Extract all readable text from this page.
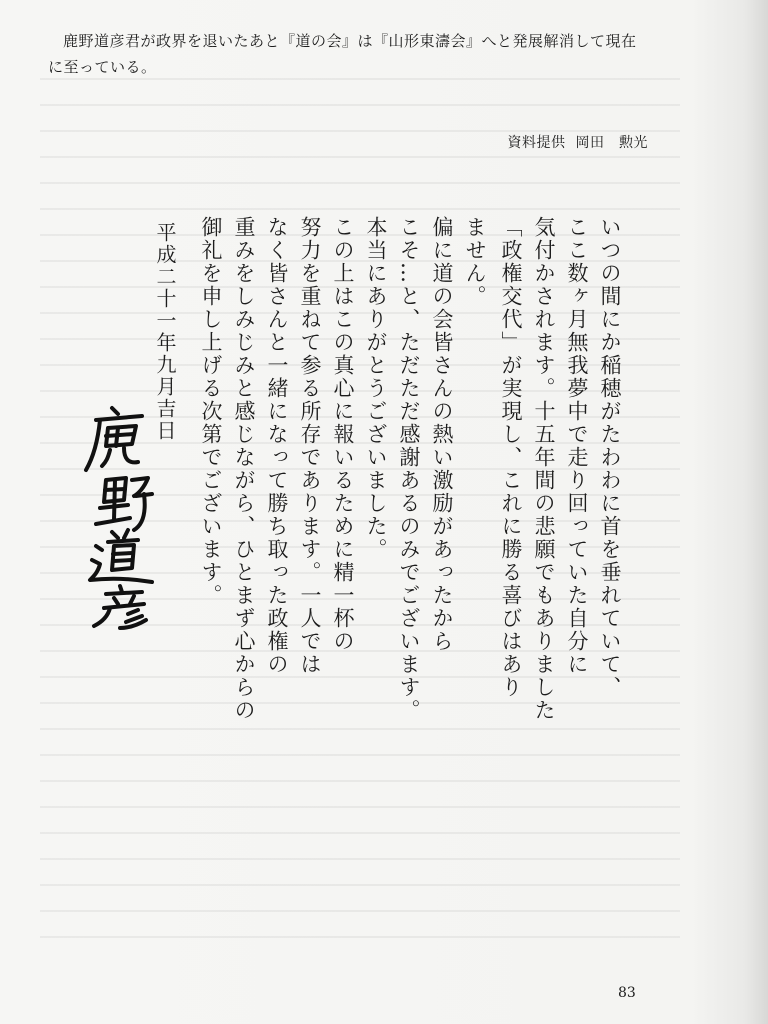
鹿野道彦君が政界を退いたあと『道の会』は『山形東濤会』へと発展解消して現在に至っている。

資料提供 岡田　勲光
いつの間にか稲穂がたわわに首を垂れていて、
ここ数ヶ月無我夢中で走り回っていた自分に
気付かされます。十五年間の悲願でもありました
「政権交代」が実現し、これに勝る喜びはあり
ません。
偏に道の会皆さんの熱い激励があったから
こそ…と、ただただ感謝あるのみでございます。
本当にありがとうございました。
この上はこの真心に報いるために精一杯の
努力を重ねて参る所存であります。一人では
なく皆さんと一緒になって勝ち取った政権の
重みをしみじみと感じながら、ひとまず心からの
御礼を申し上げる次第でございます。
平成二十一年九月吉日
83
